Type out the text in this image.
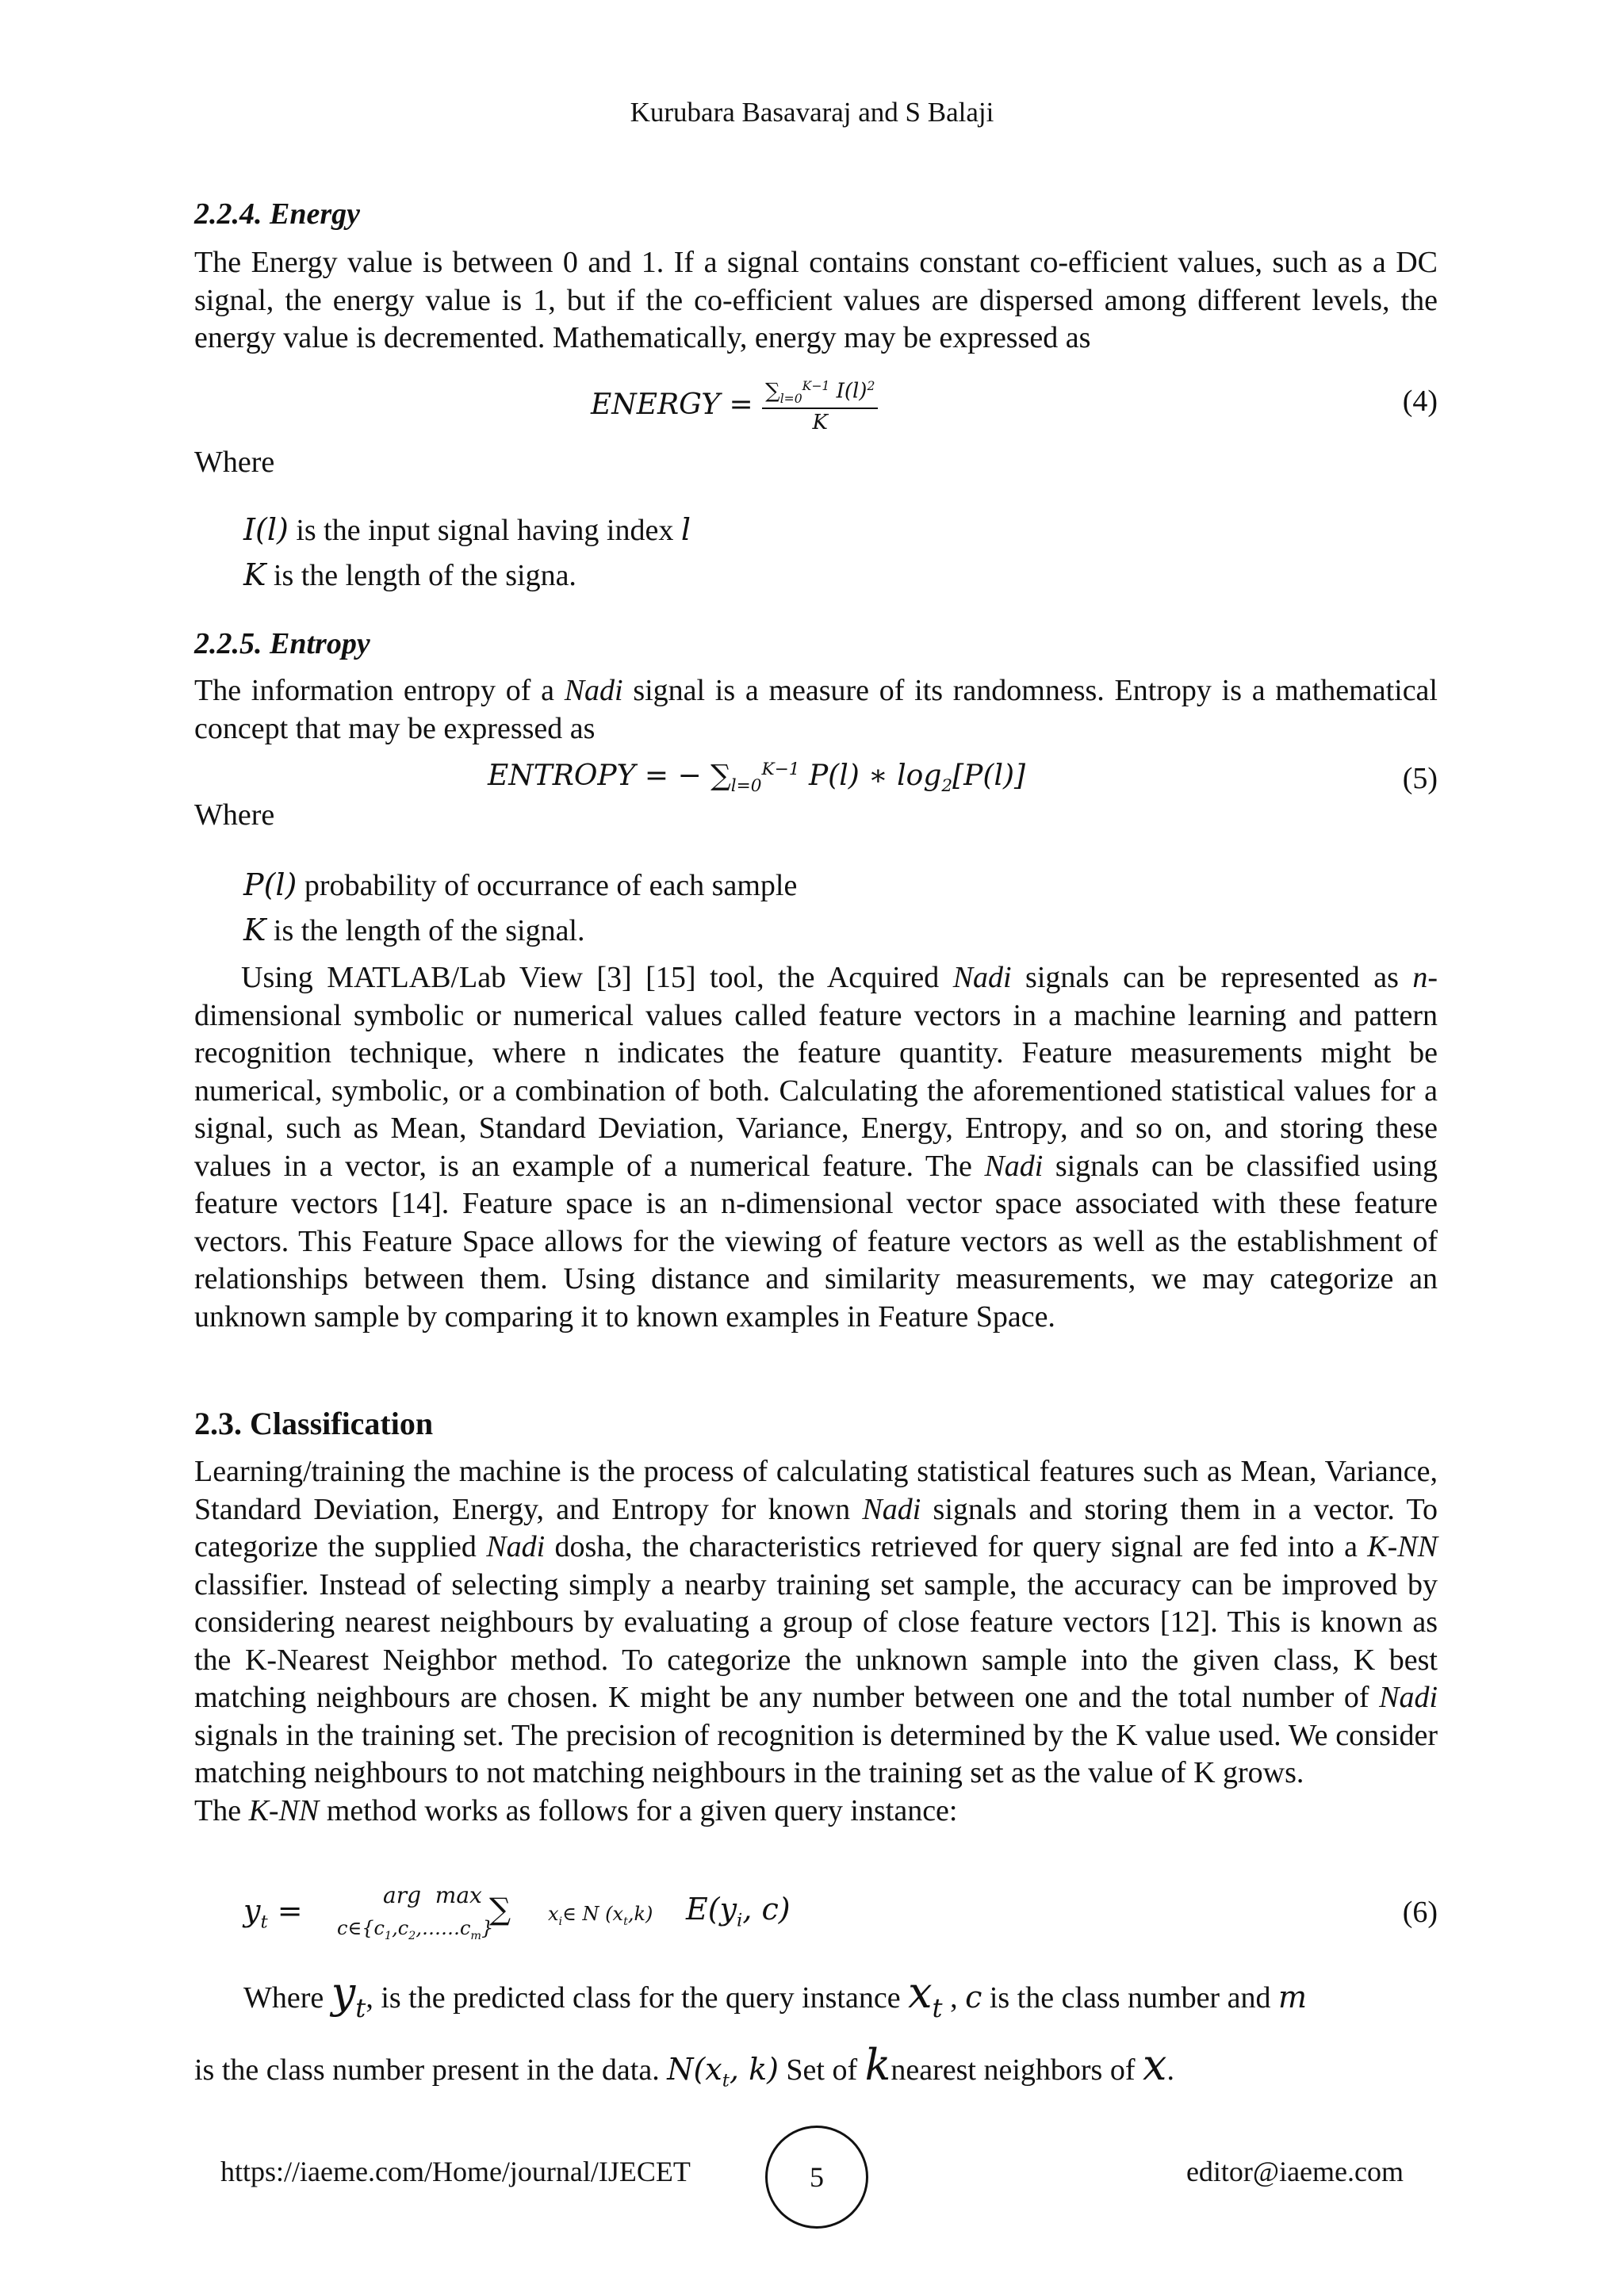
Kurubara Basavaraj and S Balaji
2.2.4. Energy

The Energy value is between 0 and 1. If a signal contains constant co-efficient values, such as a DC signal, the energy value is 1, but if the co-efficient values are dispersed among different levels, the energy value is decremented. Mathematically, energy may be expressed as

ENERGY = $\frac{\sum_{l=0}^{K-1} I(l)^2}{K}$	(4)

Where

I(l) is the input signal having index l
K is the length of the signa.
2.2.5. Entropy

The information entropy of a Nadi signal is a measure of its randomness. Entropy is a mathematical concept that may be expressed as

ENTROPY = − $\sum_{l=0}^{K-1}$ P(l) ∗ $\log_2[P(l)]$	(5)

Where

P(l) probability of occurrance of each sample
K is the length of the signal.

Using MATLAB/Lab View [3] [15] tool, the Acquired Nadi signals can be represented as n-dimensional symbolic or numerical values called feature vectors in a machine learning and pattern recognition technique, where n indicates the feature quantity. Feature measurements might be numerical, symbolic, or a combination of both. Calculating the aforementioned statistical values for a signal, such as Mean, Standard Deviation, Variance, Energy, Entropy, and so on, and storing these values in a vector, is an example of a numerical feature. The Nadi signals can be classified using feature vectors [14]. Feature space is an n-dimensional vector space associated with these feature vectors. This Feature Space allows for the viewing of feature vectors as well as the establishment of relationships between them. Using distance and similarity measurements, we may categorize an unknown sample by comparing it to known examples in Feature Space.

2.3. Classification

Learning/training the machine is the process of calculating statistical features such as Mean, Variance, Standard Deviation, Energy, and Entropy for known Nadi signals and storing them in a vector. To categorize the supplied Nadi dosha, the characteristics retrieved for query signal are fed into a K-NN classifier. Instead of selecting simply a nearby training set sample, the accuracy can be improved by considering nearest neighbours by evaluating a group of close feature vectors [12]. This is known as the K-Nearest Neighbor method. To categorize the unknown sample into the given class, K best matching neighbours are chosen. K might be any number between one and the total number of Nadi signals in the training set. The precision of recognition is determined by the K value used. We consider matching neighbours to not matching neighbours in the training set as the value of K grows.

The K-NN method works as follows for a given query instance:

$y_t$ =	arg  max
$c\in\{c_1,c_2,\dots\dots c_m\}$
∑ $x_i\in$ N $(x_t,k)$ $E(y_i$, c)	(6)

Where $y_t$, is the predicted class for the query instance $x_t$ , c is the class number and m

is the class number present in the data. $N(x_t$, k) Set of knearest neighbors of x.

https://iaeme.com/Home/journal/IJECET	editor@iaeme.com
5
